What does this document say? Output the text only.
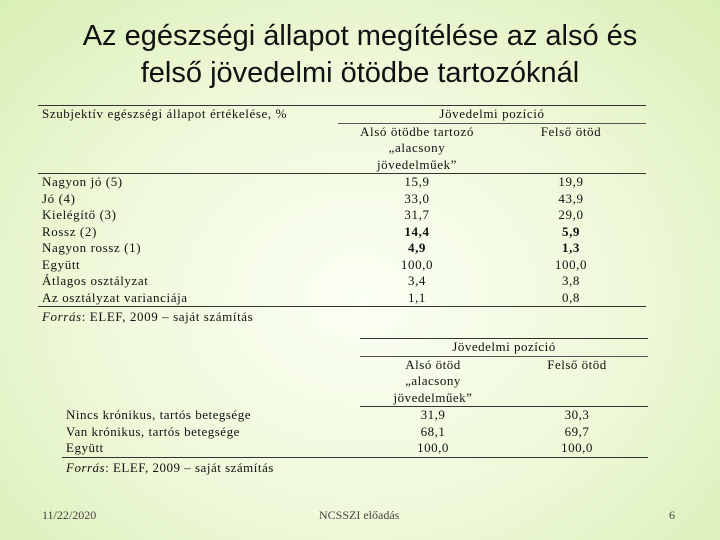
Az egészségi állapot megítélése az alsó és
felső jövedelmi ötödbe tartozóknál
Szubjektív egészségi állapot értékelése, %	Jövedelmi pozíció	
	Alsó ötödbe tartozó	Felső ötöd
	„alacsony	
	jövedelműek”	
Nagyon jó (5)	15,9	19,9
Jó (4)	33,0	43,9
Kielégítő (3)	31,7	29,0
Rossz (2)	14,4	5,9
Nagyon rossz (1)	4,9	1,3
Együtt	100,0	100,0
Átlagos osztályzat	3,4	3,8
Az osztályzat varianciája	1,1	0,8
Forrás: ELEF, 2009 – saját számítás		
	Jövedelmi pozíció	
	Alsó ötöd	Felső ötöd
	„alacsony	
	jövedelműek”	
Nincs krónikus, tartós betegsége	31,9	30,3
Van krónikus, tartós betegsége	68,1	69,7
Együtt	100,0	100,0
Forrás: ELEF, 2009 – saját számítás		
11/22/2020	NCSSZI előadás	6
